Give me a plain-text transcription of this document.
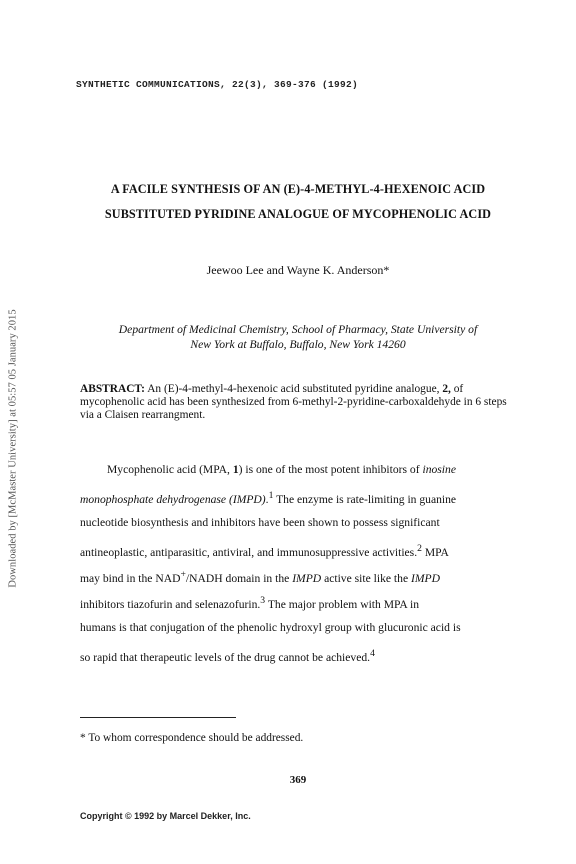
Downloaded by [McMaster University] at 05:57 05 January 2015
SYNTHETIC COMMUNICATIONS, 22(3), 369-376 (1992)
A FACILE SYNTHESIS OF AN (E)-4-METHYL-4-HEXENOIC ACID
SUBSTITUTED PYRIDINE ANALOGUE OF MYCOPHENOLIC ACID
Jeewoo Lee and Wayne K. Anderson*
Department of Medicinal Chemistry, School of Pharmacy, State University of
New York at Buffalo, Buffalo, New York 14260
ABSTRACT: An (E)-4-methyl-4-hexenoic acid substituted pyridine analogue, 2, of mycophenolic acid has been synthesized from 6-methyl-2-pyridine-carboxaldehyde in 6 steps via a Claisen rearrangment.
Mycophenolic acid (MPA, 1) is one of the most potent inhibitors of inosine
monophosphate dehydrogenase (IMPD).$^1$ The enzyme is rate-limiting in guanine
nucleotide biosynthesis and inhibitors have been shown to possess significant
antineoplastic, antiparasitic, antiviral, and immunosuppressive activities.$^2$ MPA
may bind in the NAD+/NADH domain in the IMPD active site like the IMPD
inhibitors tiazofurin and selenazofurin.$^3$ The major problem with MPA in
humans is that conjugation of the phenolic hydroxyl group with glucuronic acid is
so rapid that therapeutic levels of the drug cannot be achieved.$^4$
* To whom correspondence should be addressed.
369
Copyright © 1992 by Marcel Dekker, Inc.
